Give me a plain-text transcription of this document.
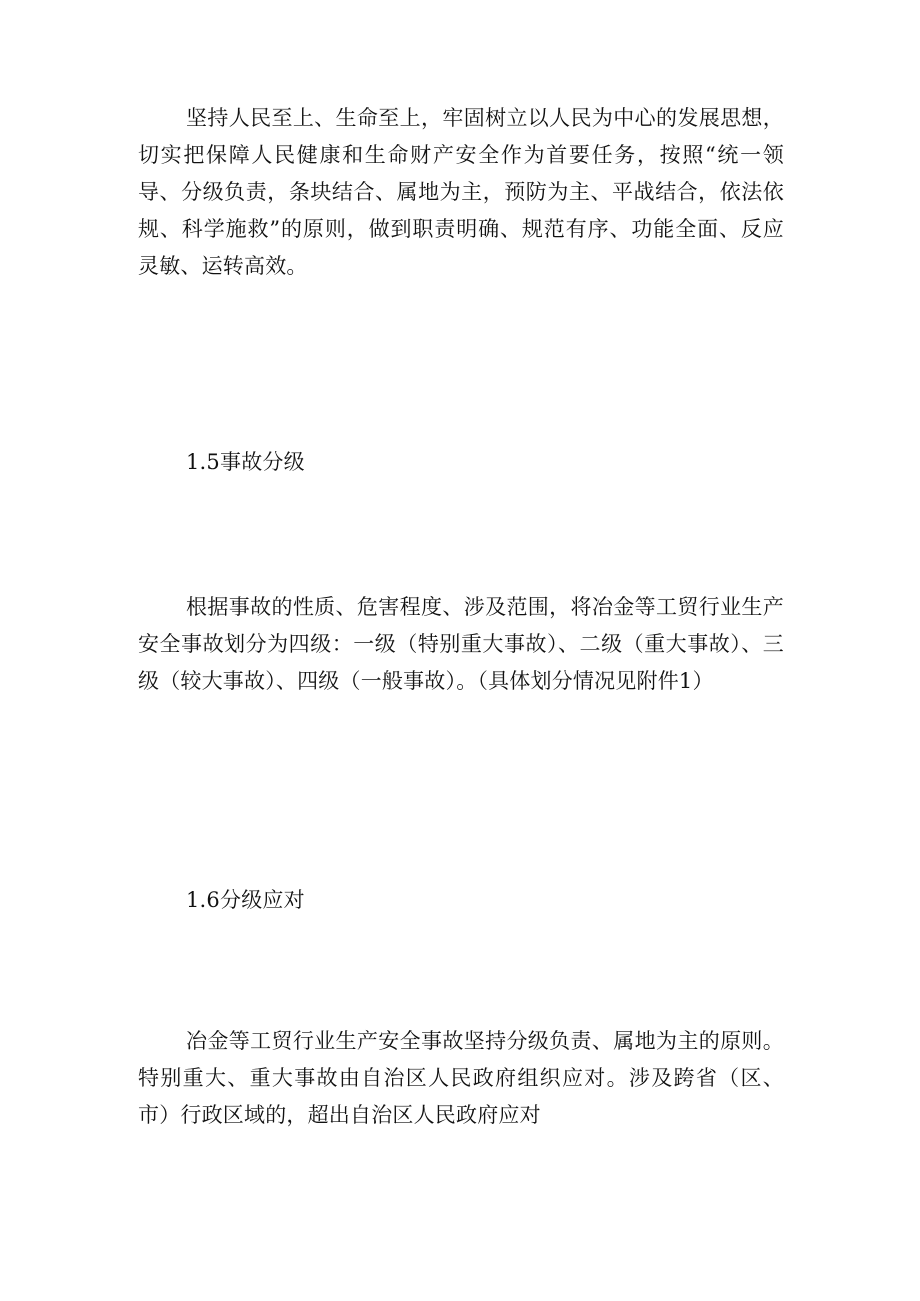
坚持人民至上、生命至上，牢固树立以人民为中心的发展思想，切实把保障人民健康和生命财产安全作为首要任务，按照“统一领导、分级负责，条块结合、属地为主，预防为主、平战结合，依法依规、科学施救”的原则，做到职责明确、规范有序、功能全面、反应灵敏、运转高效。

1.5事故分级

根据事故的性质、危害程度、涉及范围，将冶金等工贸行业生产安全事故划分为四级：一级（特别重大事故）、二级（重大事故）、三级（较大事故）、四级（一般事故）。（具体划分情况见附件1）

1.6分级应对

冶金等工贸行业生产安全事故坚持分级负责、属地为主的原则。特别重大、重大事故由自治区人民政府组织应对。涉及跨省（区、市）行政区域的，超出自治区人民政府应对
